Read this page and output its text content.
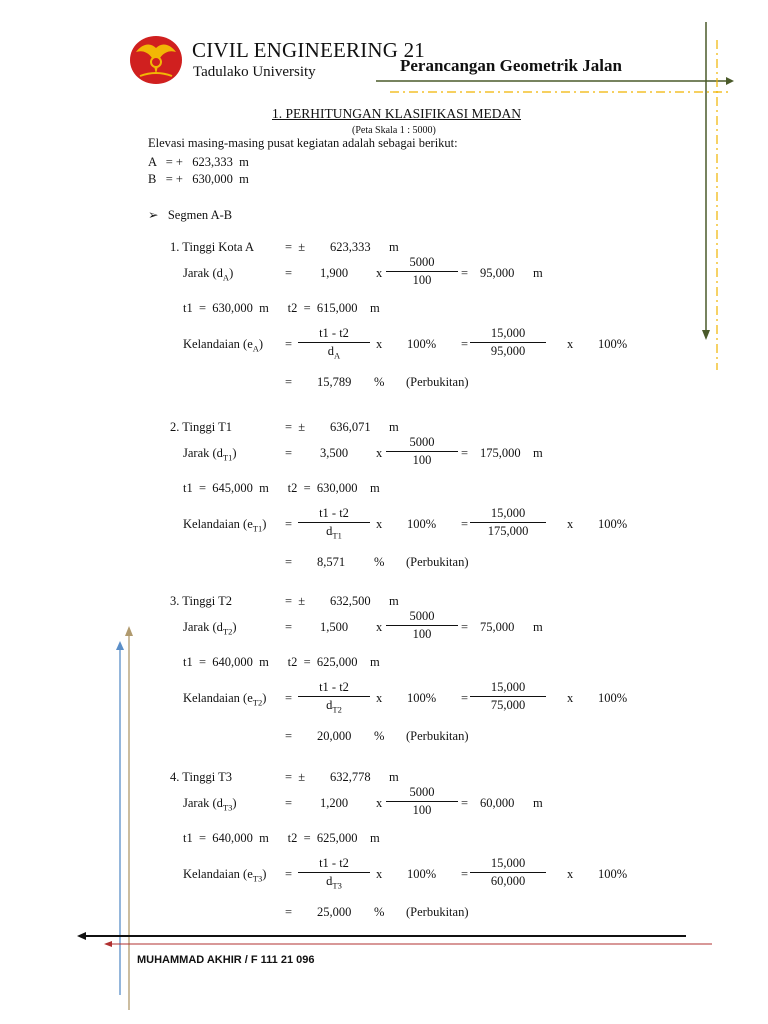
CIVIL ENGINEERING 21
Tadulako University	Perancangan Geometrik Jalan
1. PERHITUNGAN KLASIFIKASI MEDAN
(Peta Skala 1 : 5000)
Elevasi masing-masing pusat kegiatan adalah sebagai berikut:
A   = +   623,333  m
B   = +   630,000  m
➢ Segmen A-B
1. Tinggi Kota A =  ± 623,333 m
Jarak $(d_A)$	= 1,900 x
5000
100	= 95,000 m
t1  =  630,000  m      t2  =  615,000    m
Kelandaian $(e_A)$ =
t1 - t2
$d_A$
x 100% =
15,000
95,000	x 100%
= 15,789 % (Perbukitan)
2. Tinggi T1	=  ± 636,071 m
Jarak $(d_{T1})$	= 3,500 x
5000
100	= 175,000 m
t1  =  645,000  m      t2  =  630,000    m
Kelandaian $(e_{T1})$ =
t1 - t2
$d_{T1}$
x 100% =
15,000
175,000	x 100%
= 8,571 % (Perbukitan)
3. Tinggi T2	=  ± 632,500 m
Jarak $(d_{T2})$	= 1,500 x
5000
100	= 75,000 m
t1  =  640,000  m      t2  =  625,000    m
Kelandaian $(e_{T2})$ =
t1 - t2
$d_{T2}$
x 100% =
15,000
75,000	x 100%
= 20,000 % (Perbukitan)
4. Tinggi T3	=  ± 632,778 m
Jarak $(d_{T3})$	= 1,200 x
5000
100	= 60,000 m
t1  =  640,000  m      t2  =  625,000    m
Kelandaian $(e_{T3})$ =
t1 - t2
$d_{T3}$
x 100% =
15,000
60,000	x 100%
= 25,000 % (Perbukitan)
MUHAMMAD AKHIR / F 111 21 096
